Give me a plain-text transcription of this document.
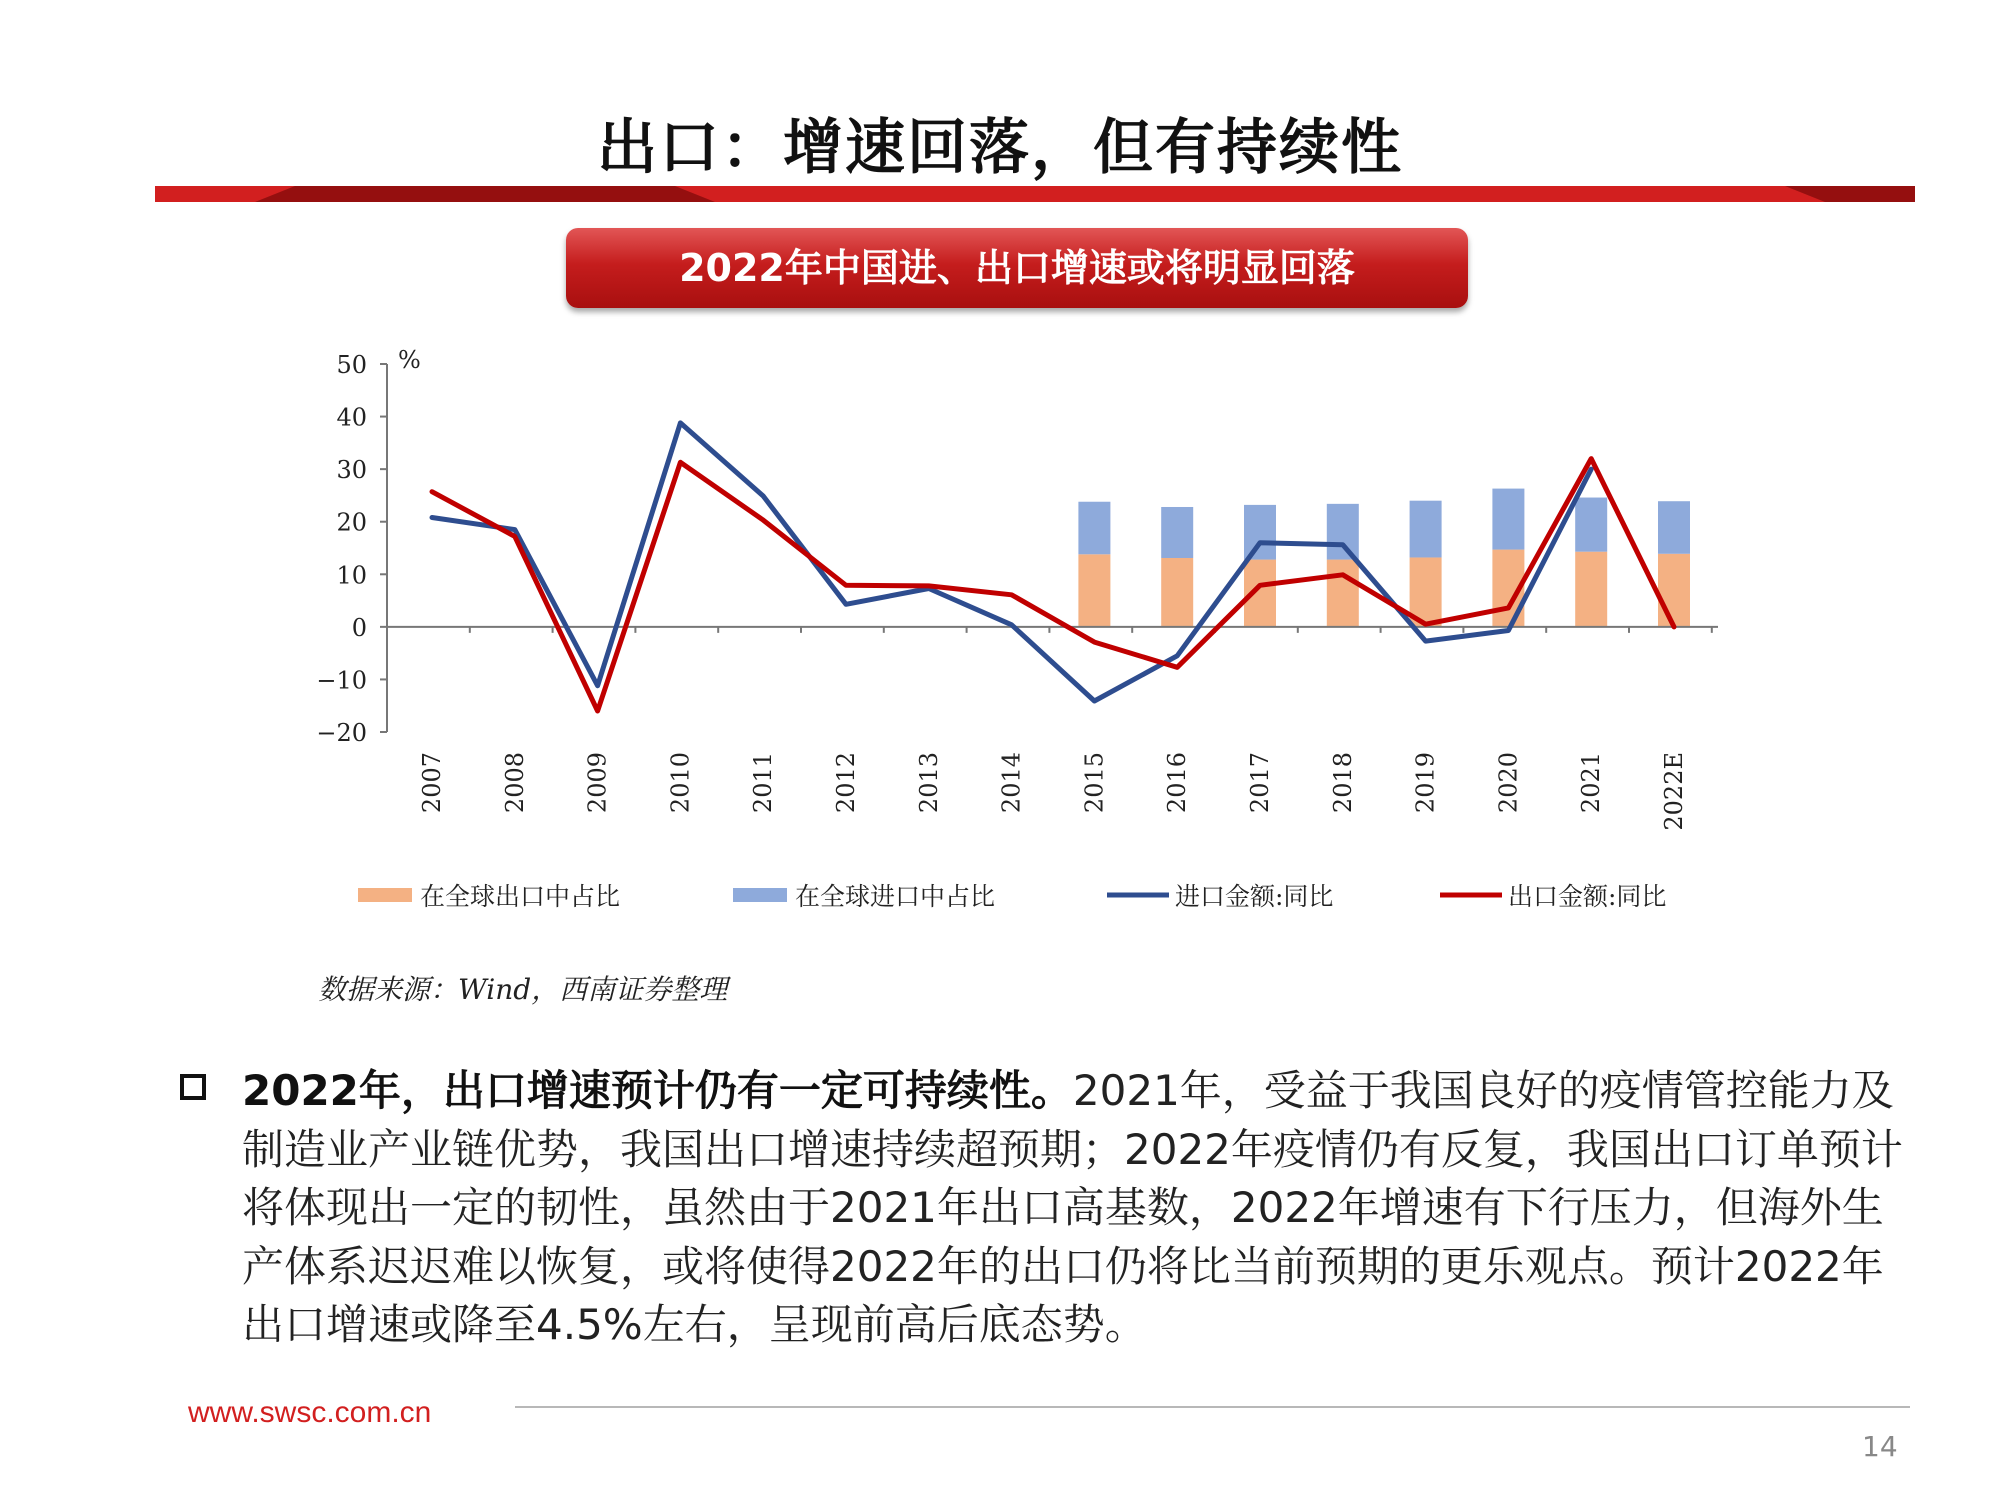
出口：增速回落，但有持续性
2022年中国进、出口增速或将明显回落
50
40
30
20
10
0
−10
−20
%
2007 2008 2009 2010 2011 2012 2013 2014 2015 2016 2017 2018 2019 2020 2021 2022E
在全球出口中占比	在全球进口中占比	进口金额:同比	出口金额:同比
数据来源：Wind，西南证券整理
2022年，出口增速预计仍有一定可持续性。2021年，受益于我国良好的疫情管控能力及制造业产业链优势，我国出口增速持续超预期；2022年疫情仍有反复，我国出口订单预计将体现出一定的韧性，虽然由于2021年出口高基数，2022年增速有下行压力，但海外生产体系迟迟难以恢复，或将使得2022年的出口仍将比当前预期的更乐观点。预计2022年出口增速或降至4.5%左右，呈现前高后底态势。
www.swsc.com.cn
14
